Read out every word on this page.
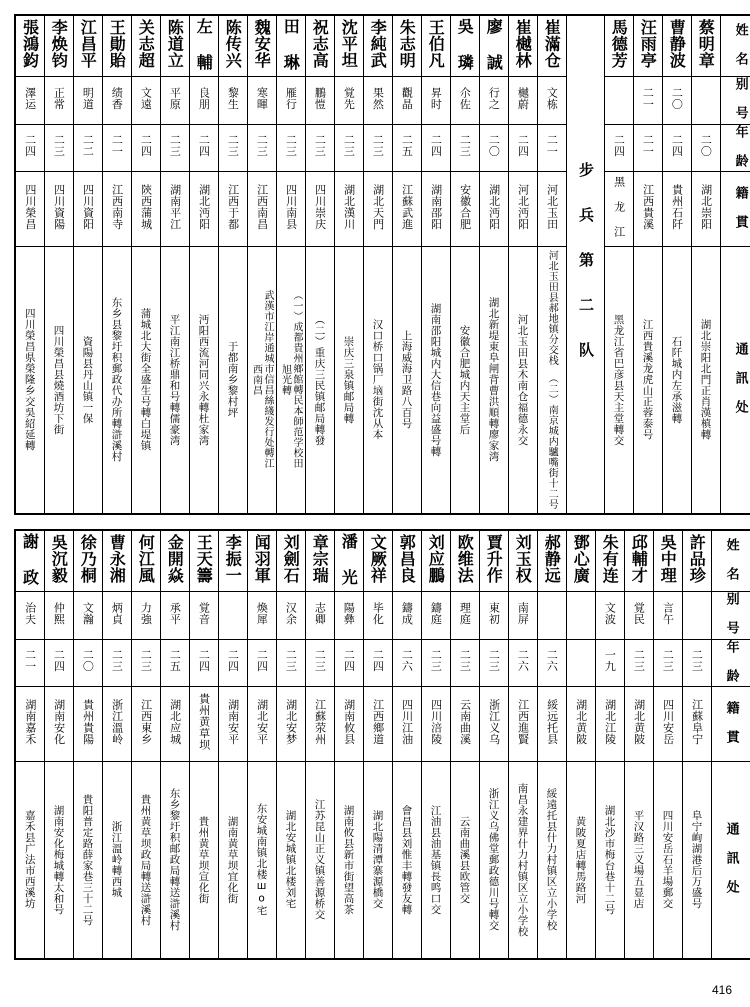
張鴻鈞	李焕钧	江昌平	王勛貽	关志超	陈道立	左 輔	陈传兴	魏安华	田 琳	祝志高	沈平坦	李純武	朱志明	王伯凡	吳 璘	廖 誠	崔樾林	崔滿仓	步 兵 第 二 队	馬德芳	汪雨亭	曹静波	蔡明章	姓 名
澤运	正常	明道	绩香	文遠	平原	良朋	黎生	寒暉	雁行	鵬愷	覚先	果然	觀晶	昇时	尒佐	行之	樾蔚	文栋			二一	二〇		别 号
二四	二三	二二	二一	二四	二三	二四	二三	二三	二三	二三	二三	二三	二五	二四	二三	二〇	二四	二一		二四	二一	二四	二〇	年 龄
四川榮昌	四川資陽	四川資阳	江西南寺	陝西蒲城	湖南平江	湖北沔阳	江西于都	江西南昌	四川南县	四川崇庆	湖北漢川	湖北天門	江蘇武進	湖南邵阳	安徽合肥	湖北沔阳	河北沔阳	河北玉田		黑 龙 江	江西貴溪	貴州石阡	湖北崇阳	籍 貫
四川榮昌県榮隆乡交吳紹延轉	四川榮昌县燒酒坊下街	資陽县丹山镇一保	东乡县黎圩积郵政代办所轉滸溪村	蒲城北大街全盛生号轉白堤镇	平江南江桥鼎和号轉儒豪湾	沔阳西流河同兴永轉杜家湾	于都南乡黎村坪	武漢市江岸通城市信昌絲綫发行处轉江西南昌	（一）成都貴州鄉館轉民本師范学校田旭光轉	（二）重庆三民镇邮局轉發	崇庆三泉镇邮局轉	汉口桥口锅厂垴街沈从本	上海威海卫路八百号	湖南邵阳城内大信巷向益盛号轉	安徽合肥城内天主堂后	湖北新堤東阜闸背曹洪順轉廖家湾	河北玉田县木南仓福德永交	河北玉田县郝地镇分交栈 （二）南京城内驢嘴街十二号		黑龙江省巴彦县天主堂轉交	江西貴溪龙虎山正蓉泰号	石阡城内左承滋轉	湖北崇阳北門正肖漢槙轉	通 訊 处
謝 政	吳沉毅	徐乃桐	曹永湘	何江風	金開焱	王天籌	李振一	闻羽軍	刘劍石	章宗瑞	潘 光	文厥祥	郭昌良	刘应鵬	欧维法	賈升作	刘玉权	郝静远	鄧心廣	朱有连	邱輔才	吳中理	許品珍	姓 名
治夫	仲熙	文瀚	炳貞	力強	承平	覚音		煥犀	汉余	志卿	陽彝	毕化	鑄成	鑄庭	理庭	東初	南屏			文波	覚民	言午		别 号
二一	二四	二〇	二三	二三	二五	二四	二四	二四	二三	二三	二四	二四	二六	二三	二三	二三	二六	二六		一九	二三	二三	二三	年 龄
湖南嘉禾	湖南安化	貴州貴陽	浙江溫岭	江西東乡	湖北应城	貴州黄草坝	湖南安平	湖北安平	湖北安梦	江蘇荥州	湖南攸县	江西鄉道	四川江油	四川涪陵	云南曲溪	浙江义乌	江西進賢	綏远托县	湖北黄陂	湖北江陵	湖北黄陂	四川安岳	江蘇阜宁	籍 貫
嘉禾县广法市西溪坊	湖南安化梅城轉太和号	貴阳普定路薛家巷三十二号	浙江溫岭轉西城	貴州黄草坝政局轉送滸溪村	东乡黎圩积邮政局轉送滸溪村	貴州黄草坝宣化街	湖南黄草坝宜化街	东安城南镇北楼шо宅	湖北安城镇北楼刘宅	江苏昆山正义镇善源桥交	湖南攸县新市街望高茶	湖北陽清潭寨源橋交	會昌县刘惟丰轉發友轉	江油县油基镇長鸣口交	云南曲溪县欧管交	浙江义乌佛堂郵政德川号轉交	南昌永建界什力村镇区立小学校	綏遠托县什力村镇区立小学校	黄陂夏店轉馬路河	湖北沙市梅台巷十二号	平汉路三义場五显店	四川安岳石羊場郵交	阜宁峋湖港后万盛号	通 訊 处
416
